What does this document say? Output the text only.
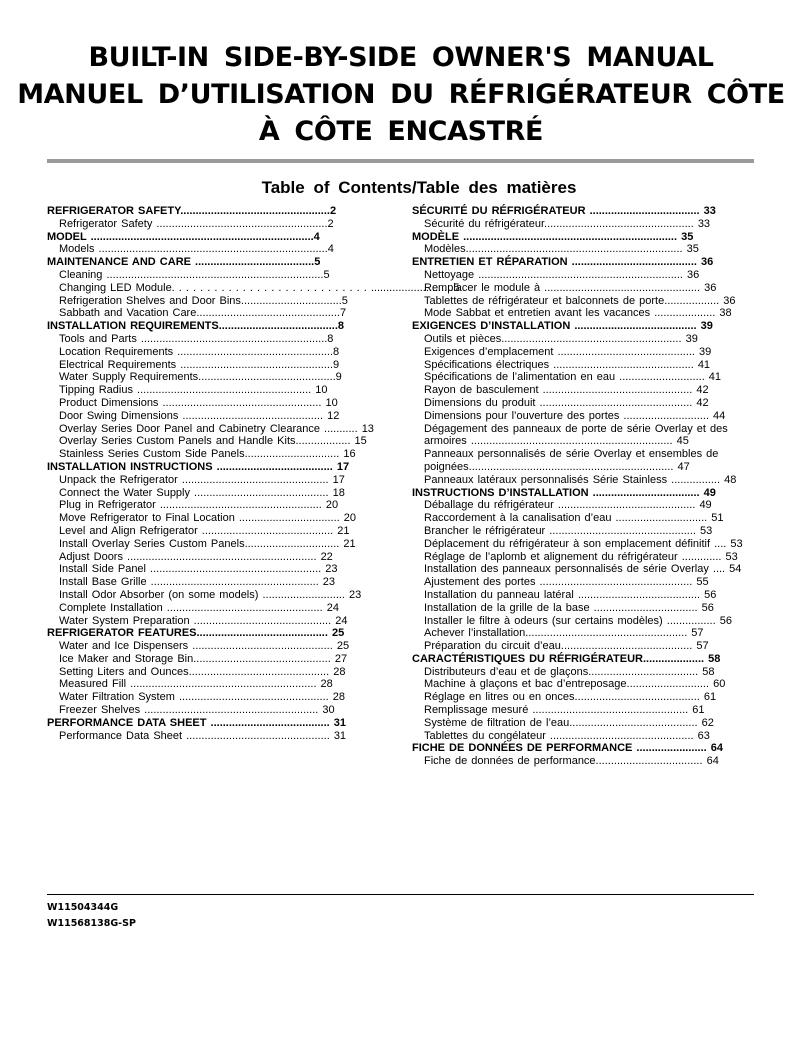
BUILT-IN SIDE-BY-SIDE OWNER'S MANUAL
MANUEL D’UTILISATION DU RÉFRIGÉRATEUR CÔTE
À CÔTE ENCASTRÉ
Table of Contents/Table des matières
REFRIGERATOR SAFETY.................................................2
Refrigerator Safety ........................................................2
MODEL .........................................................................4
Models ...........................................................................4
MAINTENANCE AND CARE .......................................5
Cleaning .......................................................................5
Changing LED Module. . . . . . . . . . . . . . . . . . . . . . . . . . . . ...........................5
Refrigeration Shelves and Door Bins.................................5
Sabbath and Vacation Care...............................................7
INSTALLATION REQUIREMENTS.......................................8
Tools and Parts .............................................................8
Location Requirements ...................................................8
Electrical Requirements ..................................................9
Water Supply Requirements.............................................9
Tipping Radius ......................................................... 10
Product Dimensions .................................................... 10
Door Swing Dimensions .............................................. 12
Overlay Series Door Panel and Cabinetry Clearance ........... 13
Overlay Series Custom Panels and Handle Kits.................. 15
Stainless Series Custom Side Panels............................... 16
INSTALLATION INSTRUCTIONS ...................................... 17
Unpack the Refrigerator ................................................ 17
Connect the Water Supply ............................................ 18
Plug in Refrigerator ..................................................... 20
Move Refrigerator to Final Location ................................. 20
Level and Align Refrigerator ........................................... 21
Install Overlay Series Custom Panels............................... 21
Adjust Doors .............................................................. 22
Install Side Panel ........................................................ 23
Install Base Grille ....................................................... 23
Install Odor Absorber (on some models) ........................... 23
Complete Installation ................................................... 24
Water System Preparation ............................................. 24
REFRIGERATOR FEATURES........................................... 25
Water and Ice Dispensers .............................................. 25
Ice Maker and Storage Bin............................................. 27
Setting Liters and Ounces.............................................. 28
Measured Fill ............................................................. 28
Water Filtration System ................................................. 28
Freezer Shelves ......................................................... 30
PERFORMANCE DATA SHEET ....................................... 31
Performance Data Sheet ............................................... 31
SÉCURITÉ DU RÉFRIGÉRATEUR .................................... 33
Sécurité du réfrigérateur................................................. 33
MODÈLE ...................................................................... 35
Modèles....................................................................... 35
ENTRETIEN ET RÉPARATION ......................................... 36
Nettoyage ................................................................... 36
Remplacer le module à ................................................... 36
Tablettes de réfrigérateur et balconnets de porte.................. 36
Mode Sabbat et entretien avant les vacances .................... 38
EXIGENCES D’INSTALLATION ........................................ 39
Outils et pièces........................................................... 39
Exigences d’emplacement ............................................. 39
Spécifications électriques .............................................. 41
Spécifications de l’alimentation en eau ............................ 41
Rayon de basculement ................................................. 42
Dimensions du produit .................................................. 42
Dimensions pour l’ouverture des portes ............................ 44
Dégagement des panneaux de porte de série Overlay et des armoires .................................................................. 45
Panneaux personnalisés de série Overlay et ensembles de poignées................................................................... 47
Panneaux latéraux personnalisés Série Stainless ................ 48
INSTRUCTIONS D’INSTALLATION ................................... 49
Déballage du réfrigérateur ............................................. 49
Raccordement à la canalisation d’eau .............................. 51
Brancher le réfrigérateur ................................................ 53
Déplacement du réfrigérateur à son emplacement définitif .... 53
Réglage de l’aplomb et alignement du réfrigérateur ............. 53
Installation des panneaux personnalisés de série Overlay .... 54
Ajustement des portes .................................................. 55
Installation du panneau latéral ........................................ 56
Installation de la grille de la base .................................. 56
Installer le filtre à odeurs (sur certains modèles) ................ 56
Achever l’installation..................................................... 57
Préparation du circuit d’eau........................................... 57
CARACTÉRISTIQUES DU RÉFRIGÉRATEUR.................... 58
Distributeurs d’eau et de glaçons.................................... 58
Machine à glaçons et bac d’entreposage........................... 60
Réglage en litres ou en onces......................................... 61
Remplissage mesuré ................................................... 61
Système de filtration de l’eau.......................................... 62
Tablettes du congélateur ............................................... 63
FICHE DE DONNÉES DE PERFORMANCE ....................... 64
Fiche de données de performance................................... 64
W11504344G
W11568138G-SP
